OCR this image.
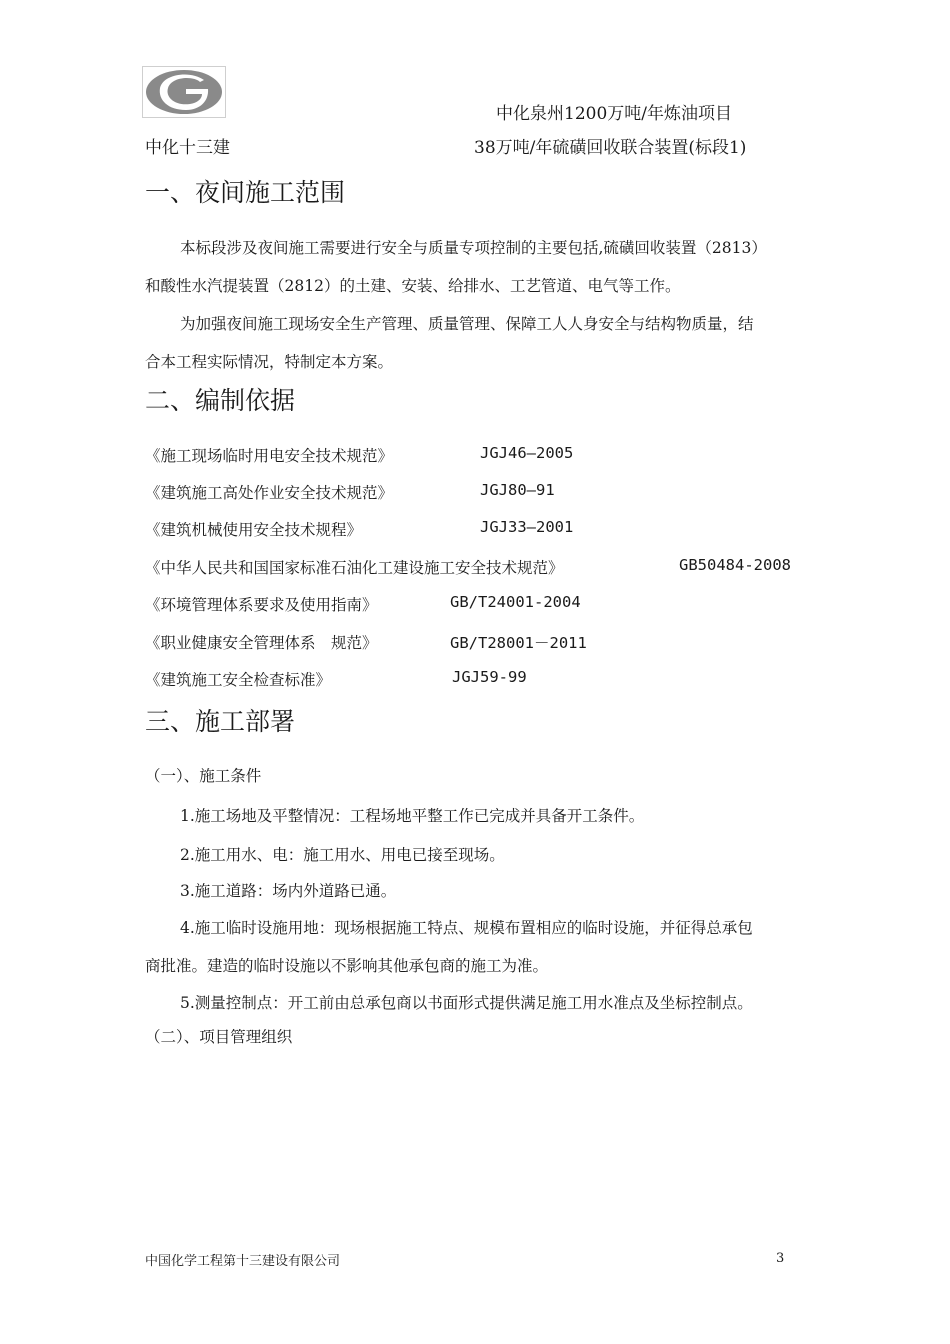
中化泉州1200万吨/年炼油项目
中化十三建	38万吨/年硫磺回收联合装置(标段1)
一、夜间施工范围
本标段涉及夜间施工需要进行安全与质量专项控制的主要包括,硫磺回收装置（2813）
和酸性水汽提装置（2812）的土建、安装、给排水、工艺管道、电气等工作。
为加强夜间施工现场安全生产管理、质量管理、保障工人人身安全与结构物质量，结
合本工程实际情况，特制定本方案。
二、编制依据
《施工现场临时用电安全技术规范》	JGJ46—2005
《建筑施工高处作业安全技术规范》	JGJ80—91
《建筑机械使用安全技术规程》	JGJ33—2001
《中华人民共和国国家标准石油化工建设施工安全技术规范》	GB50484-2008
《环境管理体系要求及使用指南》	GB/T24001-2004
《职业健康安全管理体系　规范》	GB/T28001－2011
《建筑施工安全检查标准》	JGJ59-99
三、施工部署
（一）、施工条件
1.施工场地及平整情况：工程场地平整工作已完成并具备开工条件。
2.施工用水、电：施工用水、用电已接至现场。
3.施工道路：场内外道路已通。
4.施工临时设施用地：现场根据施工特点、规模布置相应的临时设施，并征得总承包
商批准。建造的临时设施以不影响其他承包商的施工为准。
5.测量控制点：开工前由总承包商以书面形式提供满足施工用水准点及坐标控制点。
（二）、项目管理组织
中国化学工程第十三建设有限公司	3
